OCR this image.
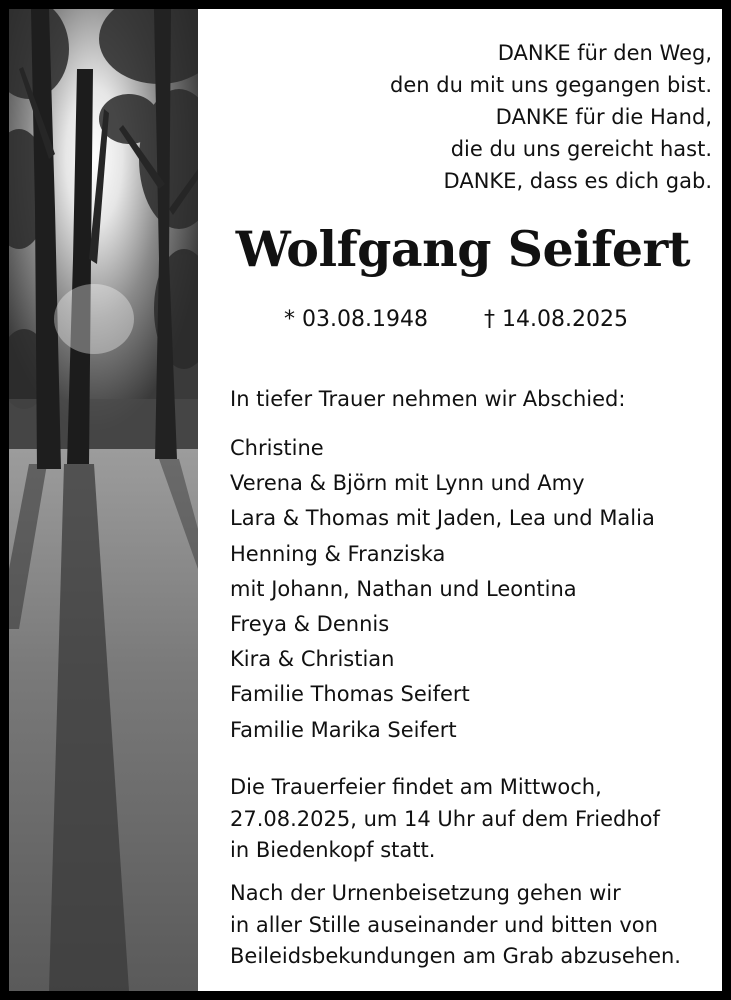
DANKE für den Weg,
den du mit uns gegangen bist.
DANKE für die Hand,
die du uns gereicht hast.
DANKE, dass es dich gab.
Wolfgang Seifert
* 03.08.1948	† 14.08.2025
In tiefer Trauer nehmen wir Abschied:
Christine
Verena & Björn mit Lynn und Amy
Lara & Thomas mit Jaden, Lea und Malia
Henning & Franziska
mit Johann, Nathan und Leontina
Freya & Dennis
Kira & Christian
Familie Thomas Seifert
Familie Marika Seifert
Die Trauerfeier findet am Mittwoch,
27.08.2025, um 14 Uhr auf dem Friedhof
in Biedenkopf statt.
Nach der Urnenbeisetzung gehen wir
in aller Stille auseinander und bitten von
Beileidsbekundungen am Grab abzusehen.
